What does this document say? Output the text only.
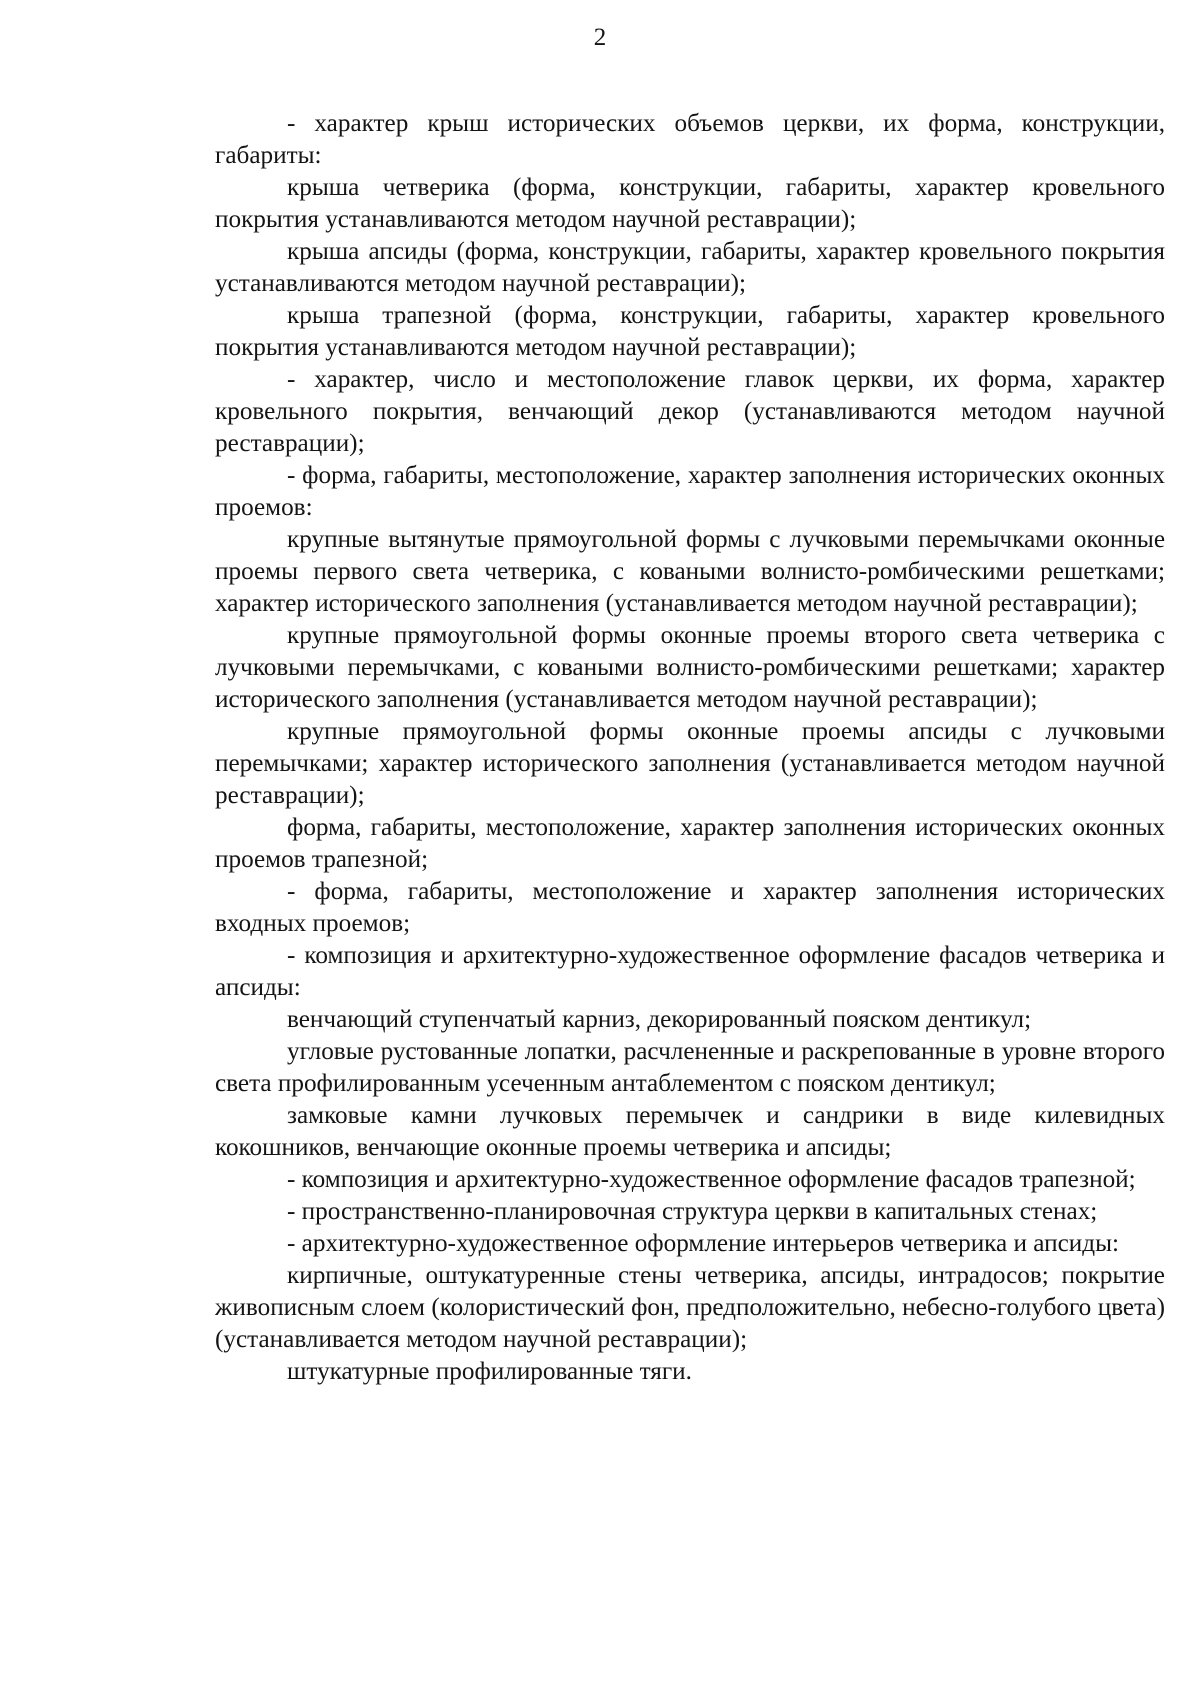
2

- характер крыш исторических объемов церкви, их форма, конструкции, габариты:

крыша четверика (форма, конструкции, габариты, характер кровельного покрытия устанавливаются методом научной реставрации);

крыша апсиды (форма, конструкции, габариты, характер кровельного покрытия устанавливаются методом научной реставрации);

крыша трапезной (форма, конструкции, габариты, характер кровельного покрытия устанавливаются методом научной реставрации);

- характер, число и местоположение главок церкви, их форма, характер кровельного покрытия, венчающий декор (устанавливаются методом научной реставрации);

- форма, габариты, местоположение, характер заполнения исторических оконных проемов:

крупные вытянутые прямоугольной формы с лучковыми перемычками оконные проемы первого света четверика, с коваными волнисто-ромбическими решетками; характер исторического заполнения (устанавливается методом научной реставрации);

крупные прямоугольной формы оконные проемы второго света четверика с лучковыми перемычками, с коваными волнисто-ромбическими решетками; характер исторического заполнения (устанавливается методом научной реставрации);

крупные прямоугольной формы оконные проемы апсиды с лучковыми перемычками; характер исторического заполнения (устанавливается методом научной реставрации);

форма, габариты, местоположение, характер заполнения исторических оконных проемов трапезной;

- форма, габариты, местоположение и характер заполнения исторических входных проемов;

- композиция и архитектурно-художественное оформление фасадов четверика и апсиды:

венчающий ступенчатый карниз, декорированный пояском дентикул;

угловые рустованные лопатки, расчлененные и раскрепованные в уровне второго света профилированным усеченным антаблементом с пояском дентикул;

замковые камни лучковых перемычек и сандрики в виде килевидных кокошников, венчающие оконные проемы четверика и апсиды;

- композиция и архитектурно-художественное оформление фасадов трапезной;

- пространственно-планировочная структура церкви в капитальных стенах;

- архитектурно-художественное оформление интерьеров четверика и апсиды:

кирпичные, оштукатуренные стены четверика, апсиды, интрадосов; покрытие живописным слоем (колористический фон, предположительно, небесно-голубого цвета) (устанавливается методом научной реставрации);

штукатурные профилированные тяги.
